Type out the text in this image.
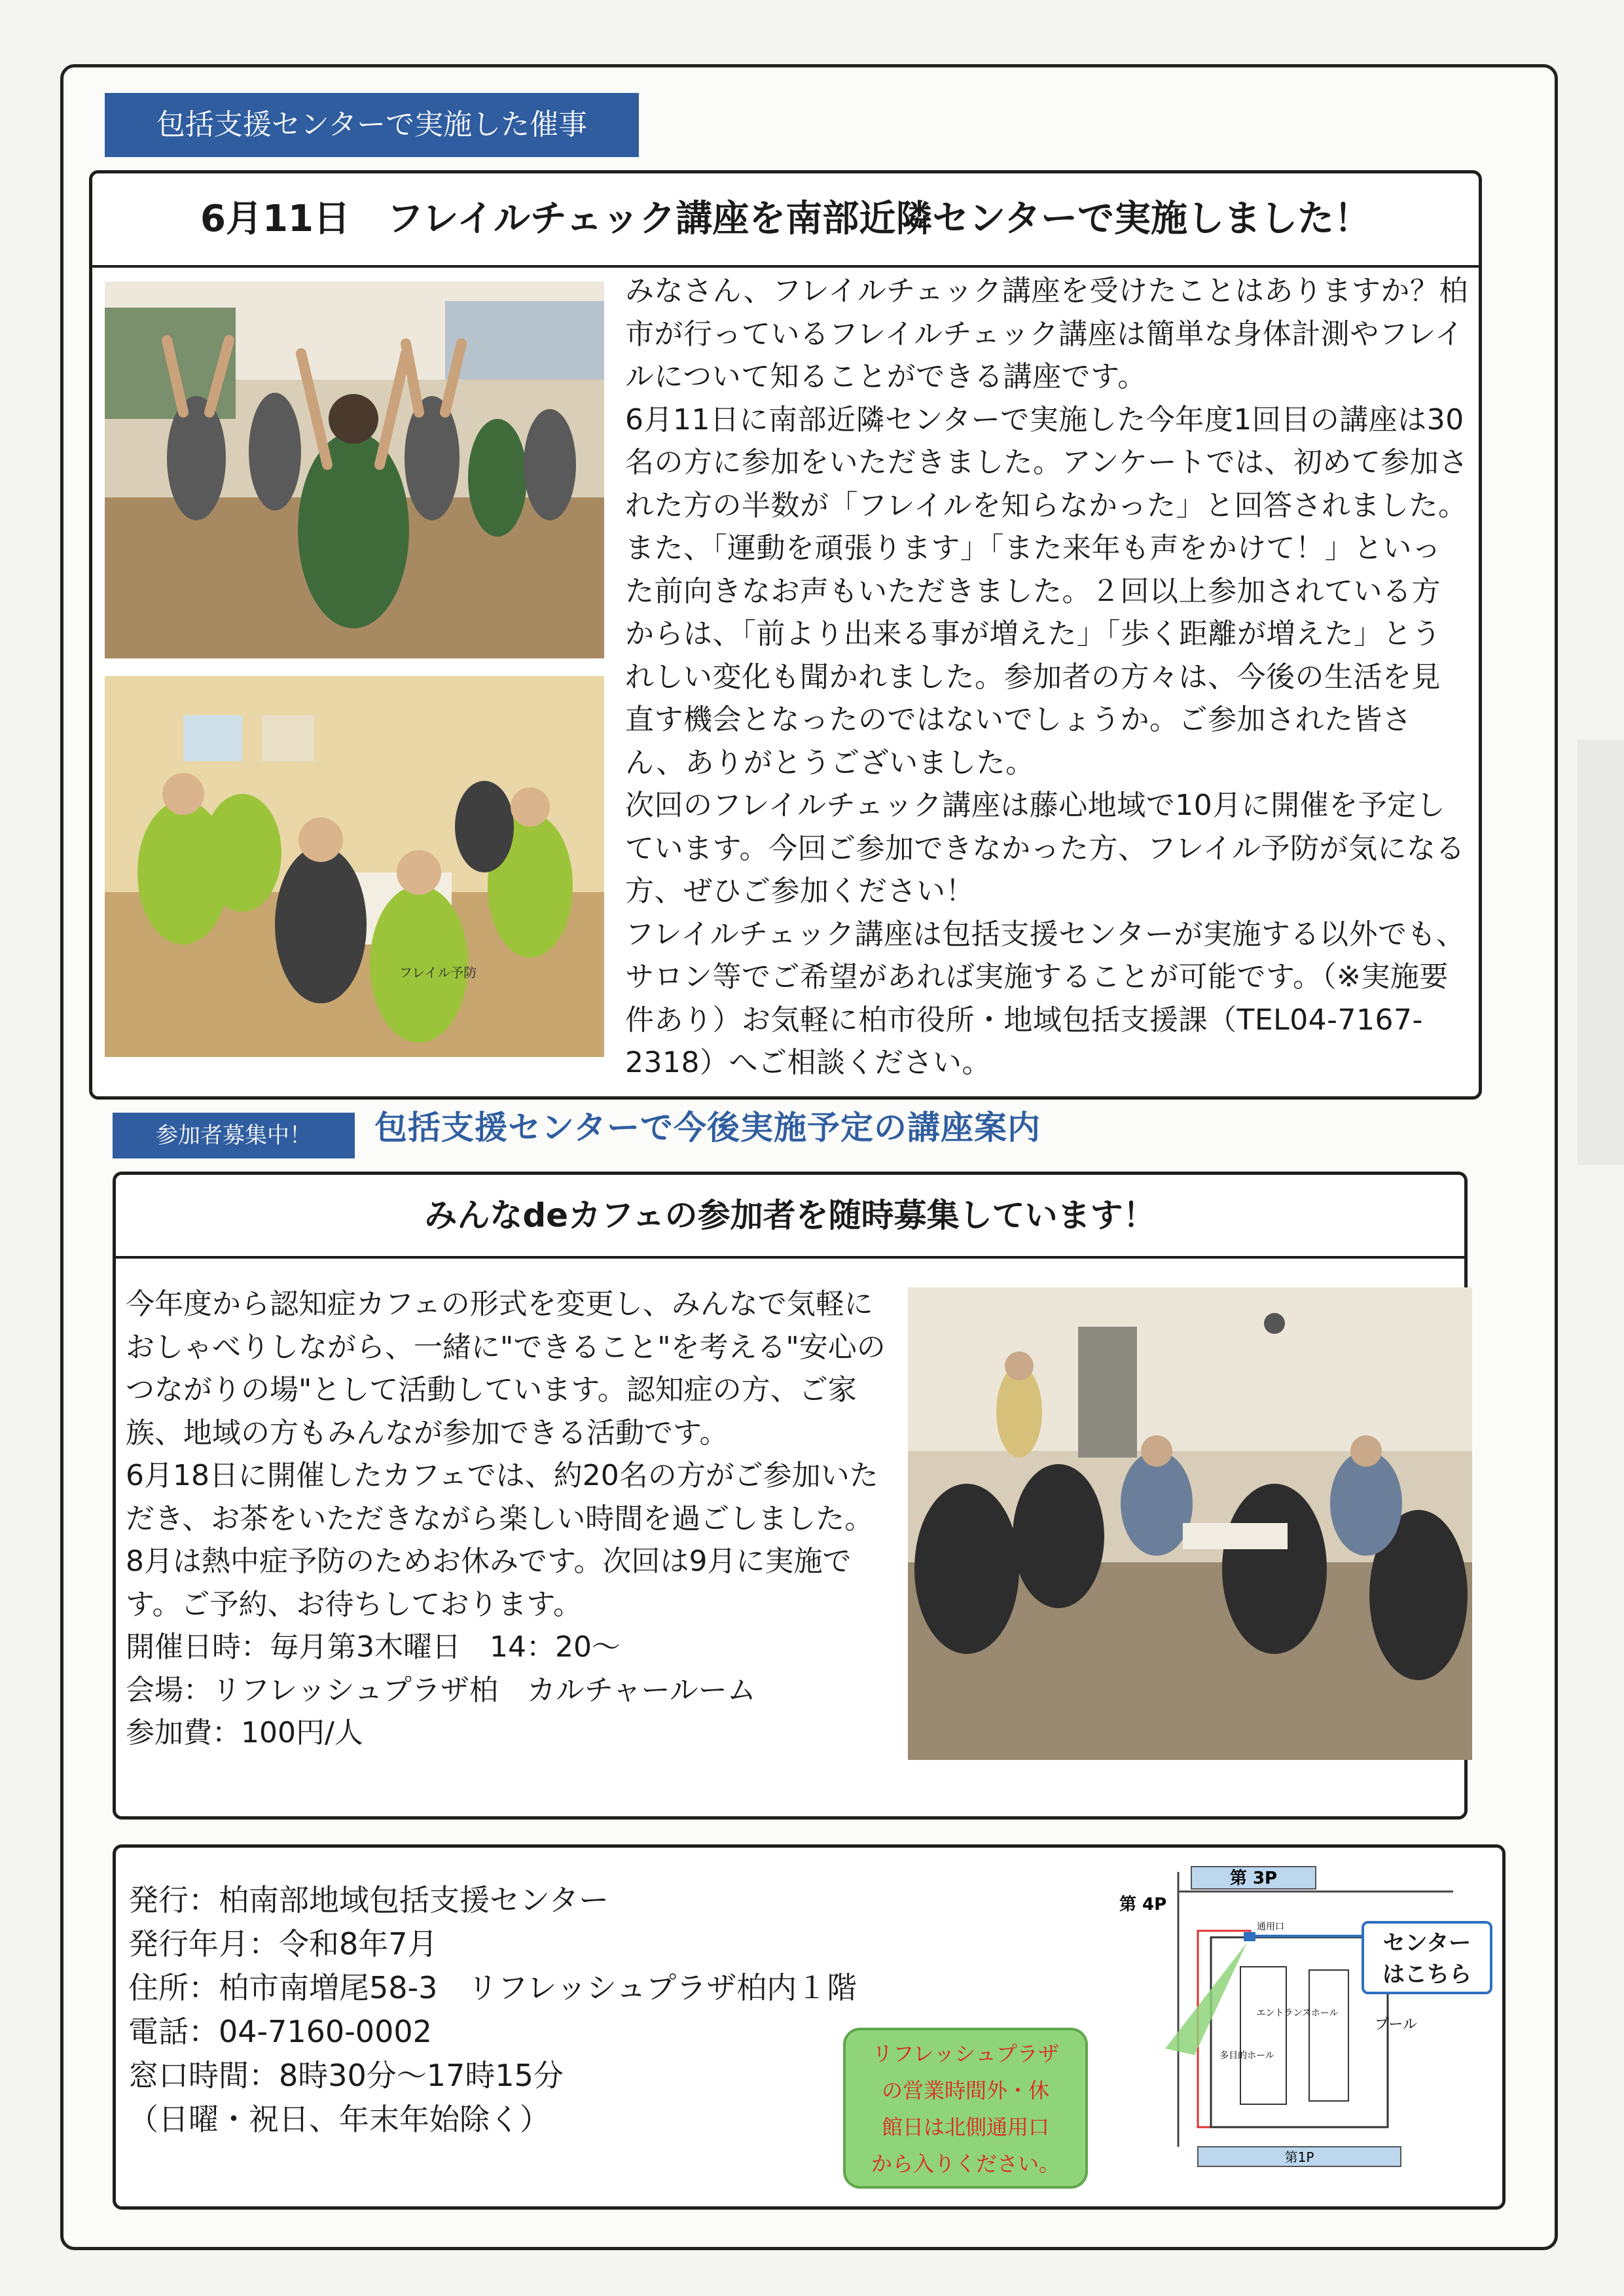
包括支援センターで実施した催事
6月11日　フレイルチェック講座を南部近隣センターで実施しました！
フレイル予防

みなさん、フレイルチェック講座を受けたことはありますか？柏市が行っているフレイルチェック講座は簡単な身体計測やフレイルについて知ることができる講座です。

6月11日に南部近隣センターで実施した今年度1回目の講座は30名の方に参加をいただきました。アンケートでは、初めて参加された方の半数が「フレイルを知らなかった」と回答されました。また、「運動を頑張ります」「また来年も声をかけて！」といった前向きなお声もいただきました。２回以上参加されている方からは、「前より出来る事が増えた」「歩く距離が増えた」とうれしい変化も聞かれました。参加者の方々は、今後の生活を見直す機会となったのではないでしょうか。ご参加された皆さん、ありがとうございました。

次回のフレイルチェック講座は藤心地域で10月に開催を予定しています。今回ご参加できなかった方、フレイル予防が気になる方、ぜひご参加ください！

フレイルチェック講座は包括支援センターが実施する以外でも、サロン等でご希望があれば実施することが可能です。（※実施要件あり）お気軽に柏市役所・地域包括支援課（TEL04-7167-2318）へご相談ください。

参加者募集中！	包括支援センターで今後実施予定の講座案内
みんなdeカフェの参加者を随時募集しています！

今年度から認知症カフェの形式を変更し、みんなで気軽におしゃべりしながら、一緒に"できること"を考える"安心のつながりの場"として活動しています。認知症の方、ご家族、地域の方もみんなが参加できる活動です。

6月18日に開催したカフェでは、約20名の方がご参加いただき、お茶をいただきながら楽しい時間を過ごしました。8月は熱中症予防のためお休みです。次回は9月に実施です。ご予約、お待ちしております。

開催日時：毎月第3木曜日　14：20～

会場：リフレッシュプラザ柏　カルチャールーム

参加費：100円/人

発行：柏南部地域包括支援センター
発行年月：令和8年7月
住所：柏市南増尾58-3　リフレッシュプラザ柏内１階
電話：04-7160-0002
窓口時間：8時30分～17時15分
（日曜・祝日、年末年始除く）
第 3P
第 4P
通用口
多目的ホール
エントランスホール
プール
第1P
センター
はこちら
リフレッシュプラザ
の営業時間外・休
館日は北側通用口
から入りください。
